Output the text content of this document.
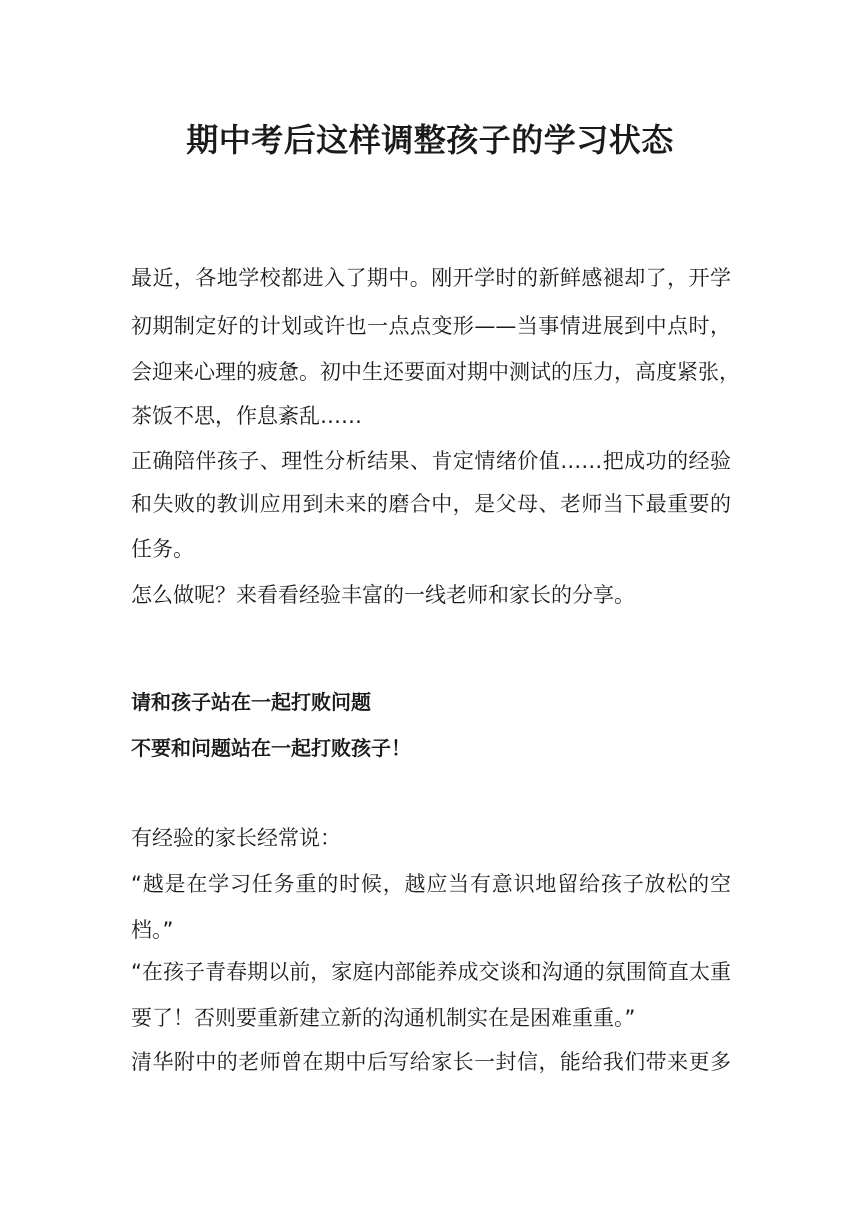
期中考后这样调整孩子的学习状态

最近，各地学校都进入了期中。刚开学时的新鲜感褪却了，开学

初期制定好的计划或许也一点点变形——当事情进展到中点时，

会迎来心理的疲惫。初中生还要面对期中测试的压力，高度紧张，

茶饭不思，作息紊乱……

正确陪伴孩子、理性分析结果、肯定情绪价值……把成功的经验

和失败的教训应用到未来的磨合中，是父母、老师当下最重要的

任务。

怎么做呢？来看看经验丰富的一线老师和家长的分享。

请和孩子站在一起打败问题

不要和问题站在一起打败孩子！

有经验的家长经常说：

“越是在学习任务重的时候，越应当有意识地留给孩子放松的空

档。”

“在孩子青春期以前，家庭内部能养成交谈和沟通的氛围简直太重

要了！否则要重新建立新的沟通机制实在是困难重重。”

清华附中的老师曾在期中后写给家长一封信，能给我们带来更多
